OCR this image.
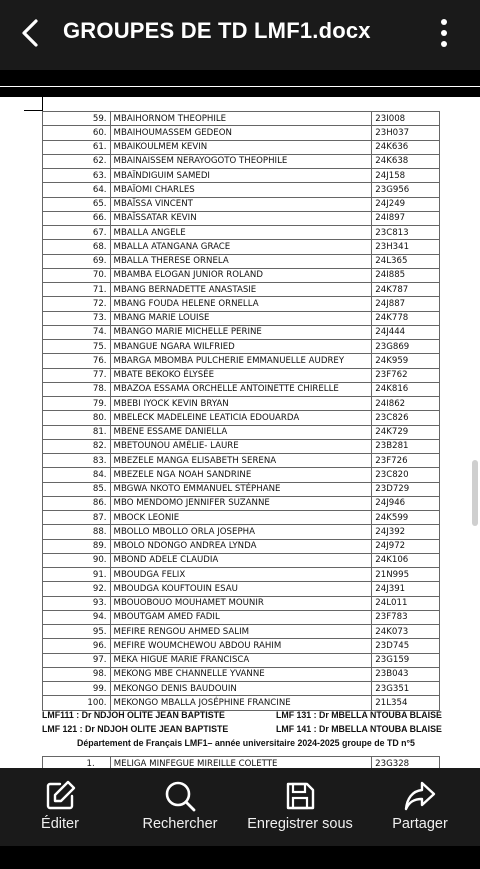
GROUPES DE TD LMF1.docx
59.	MBAIHORNOM THEOPHILE	23I008
60.	MBAIHOUMASSEM GEDEON	23H037
61.	MBAIKOULMEM KEVIN	24K636
62.	MBAINAISSEM NERAYOGOTO THEOPHILE	24K638
63.	MBAÏNDIGUIM SAMEDI	24J158
64.	MBAÏOMI CHARLES	23G956
65.	MBAÏSSA VINCENT	24J249
66.	MBAÏSSATAR KEVIN	24I897
67.	MBALLA ANGELE	23C813
68.	MBALLA ATANGANA GRACE	23H341
69.	MBALLA THERESE ORNELA	24L365
70.	MBAMBA ELOGAN JUNIOR ROLAND	24I885
71.	MBANG BERNADETTE ANASTASIE	24K787
72.	MBANG FOUDA HELENE ORNELLA	24J887
73.	MBANG MARIE LOUISE	24K778
74.	MBANGO MARIE MICHELLE PERINE	24J444
75.	MBANGUE NGARA WILFRIED	23G869
76.	MBARGA MBOMBA PULCHERIE EMMANUELLE AUDREY	24K959
77.	MBATE BEKOKO ÉLYSÉE	23F762
78.	MBAZOA ESSAMA ORCHELLE ANTOINETTE CHIRELLE	24K816
79.	MBEBI IYOCK KEVIN BRYAN	24I862
80.	MBELECK MADELEINE LEATICIA EDOUARDA	23C826
81.	MBENE ESSAME DANIELLA	24K729
82.	MBETOUNOU AMÉLIE- LAURE	23B281
83.	MBEZELE MANGA ELISABETH SERENA	23F726
84.	MBEZELE NGA NOAH SANDRINE	23C820
85.	MBGWA NKOTO EMMANUEL STÉPHANE	23D729
86.	MBO MENDOMO JENNIFER SUZANNE	24J946
87.	MBOCK LEONIE	24K599
88.	MBOLLO MBOLLO ORLA JOSEPHA	24J392
89.	MBOLO NDONGO ANDREA LYNDA	24J972
90.	MBOND ADELE CLAUDIA	24K106
91.	MBOUDGA FELIX	21N995
92.	MBOUDGA KOUFTOUIN ESAU	24J391
93.	MBOUOBOUO MOUHAMET MOUNIR	24L011
94.	MBOUTGAM AMED FADIL	23F783
95.	MEFIRE RENGOU AHMED SALIM	24K073
96.	MEFIRE WOUMCHEWOU ABDOU RAHIM	23D745
97.	MEKA HIGUE MARIE FRANCISCA	23G159
98.	MEKONG MBE CHANNELLE YVANNE	23B043
99.	MEKONGO DENIS BAUDOUIN	23G351
100.	MEKONGO MBALLA JOSÉPHINE FRANCINE	21L354
LMF111 : Dr NDJOH OLITE JEAN BAPTISTE	LMF 131 : Dr MBELLA NTOUBA BLAISE
LMF 121 : Dr NDJOH OLITE JEAN BAPTISTE	LMF 141 : Dr MBELLA NTOUBA BLAISE
Département de Français LMF1– année universitaire 2024-2025 groupe de TD n°5
1.	MELIGA MINFEGUE MIREILLE COLETTE	23G328
Éditer	Rechercher	Enregistrer sous	Partager
